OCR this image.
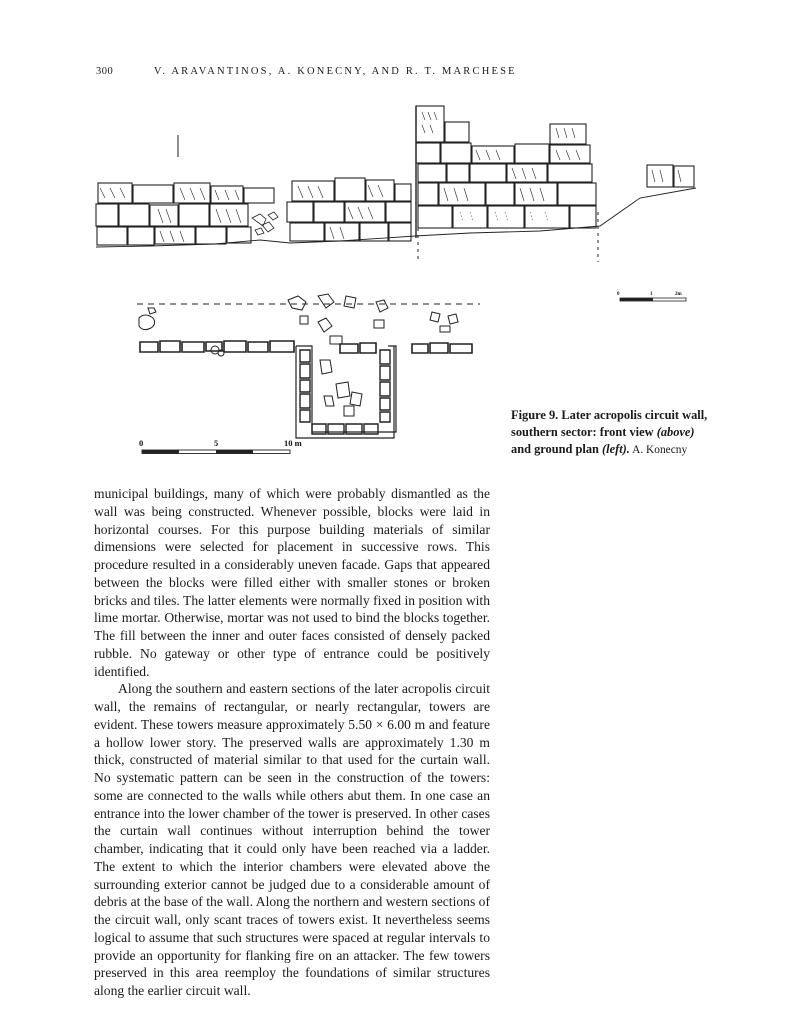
300	V. ARAVANTINOS, A. KONECNY, AND R. T. MARCHESE
0	1	2m
0	5	10 m
Figure 9. Later acropolis circuit wall, southern sector: front view (above) and ground plan (left). A. Konecny

municipal buildings, many of which were probably dismantled as the wall was being constructed. Whenever possible, blocks were laid in horizontal courses. For this purpose building materials of similar dimensions were selected for placement in successive rows. This procedure resulted in a considerably uneven facade. Gaps that appeared between the blocks were filled either with smaller stones or broken bricks and tiles. The latter elements were normally fixed in position with lime mortar. Otherwise, mortar was not used to bind the blocks together. The fill between the inner and outer faces consisted of densely packed rubble. No gateway or other type of entrance could be positively identified.

Along the southern and eastern sections of the later acropolis circuit wall, the remains of rectangular, or nearly rectangular, towers are evident. These towers measure approximately 5.50 × 6.00 m and feature a hollow lower story. The preserved walls are approximately 1.30 m thick, constructed of material similar to that used for the curtain wall. No systematic pattern can be seen in the construction of the towers: some are connected to the walls while others abut them. In one case an entrance into the lower chamber of the tower is preserved. In other cases the curtain wall continues without interruption behind the tower chamber, indicating that it could only have been reached via a ladder. The extent to which the interior chambers were elevated above the surrounding exterior cannot be judged due to a considerable amount of debris at the base of the wall. Along the northern and western sections of the circuit wall, only scant traces of towers exist. It nevertheless seems logical to assume that such structures were spaced at regular intervals to provide an opportunity for flanking fire on an attacker. The few towers preserved in this area reemploy the foundations of similar structures along the earlier circuit wall.
